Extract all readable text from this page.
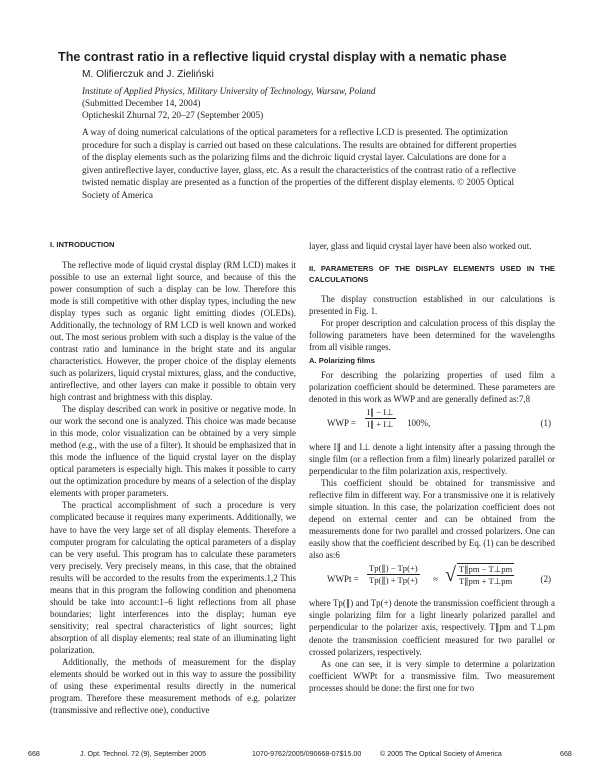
The contrast ratio in a reflective liquid crystal display with a nematic phase
M. Olifierczuk and J. Zieliński
Institute of Applied Physics, Military University of Technology, Warsaw, Poland
(Submitted December 14, 2004)
Opticheskiĭ Zhurnal 72, 20–27 (September 2005)
A way of doing numerical calculations of the optical parameters for a reflective LCD is presented. The optimization procedure for such a display is carried out based on these calculations. The results are obtained for different properties of the display elements such as the polarizing films and the dichroic liquid crystal layer. Calculations are done for a given antireflective layer, conductive layer, glass, etc. As a result the characteristics of the contrast ratio of a reflective twisted nematic display are presented as a function of the properties of the different display elements. © 2005 Optical Society of America

I. INTRODUCTION

The reflective mode of liquid crystal display (RM LCD) makes it possible to use an external light source, and because of this the power consumption of such a display can be low. Therefore this mode is still competitive with other display types, including the new display types such as organic light emitting diodes (OLEDs). Additionally, the technology of RM LCD is well known and worked out. The most serious problem with such a display is the value of the contrast ratio and luminance in the bright state and its angular characteristics. However, the proper choice of the display elements such as polarizers, liquid crystal mixtures, glass, and the conductive, antireflective, and other layers can make it possible to obtain very high contrast and brightness with this display.

The display described can work in positive or negative mode. In our work the second one is analyzed. This choice was made because in this mode, color visualization can be obtained by a very simple method (e.g., with the use of a filter). It should be emphasized that in this mode the influence of the liquid crystal layer on the display optical parameters is especially high. This makes it possible to carry out the optimization procedure by means of a selection of the display elements with proper parameters.

The practical accomplishment of such a procedure is very complicated because it requires many experiments. Additionally, we have to have the very large set of all display elements. Therefore a computer program for calculating the optical parameters of a display can be very useful. This program has to calculate these parameters very precisely. Very precisely means, in this case, that the obtained results will be accorded to the results from the experiments.1,2 This means that in this program the following condition and phenomena should be take into account:1–6 light reflections from all phase boundaries; light interferences into the display; human eye sensitivity; real spectral characteristics of light sources; light absorption of all display elements; real state of an illuminating light polarization.

Additionally, the methods of measurement for the display elements should be worked out in this way to assure the possibility of using these experimental results directly in the numerical program. Therefore these measurement methods of e.g. polarizer (transmissive and reflective one), conductive

layer, glass and liquid crystal layer have been also worked out.

II. PARAMETERS OF THE DISPLAY ELEMENTS USED IN THE CALCULATIONS

The display construction established in our calculations is presented in Fig. 1.

For proper description and calculation process of this display the following parameters have been determined for the wavelengths from all visible ranges.

A. Polarizing films

For describing the polarizing properties of used film a polarization coefficient should be determined. These parameters are denoted in this work as WWP and are generally defined as:7,8

WWP = $\frac{I\parallel - I\perp}{I\parallel + I\perp} 100\%$,	(1)

where I∥ and I⊥ denote a light intensity after a passing through the single film (or a reflection from a film) linearly polarized parallel or perpendicular to the film polarization axis, respectively.

This coefficient should be obtained for transmissive and reflective film in different way. For a transmissive one it is relatively simple situation. In this case, the polarization coefficient does not depend on external center and can be obtained from the measurements done for two parallel and crossed polarizers. One can easily show that the coefficient described by Eq. (1) can be described also as:6

WWPt = $\frac{Tp(\parallel) - Tp(+)}{Tp(\parallel) + Tp(+)}$ ≈ √ $\frac{T\parallel pm - T\perp pm}{T\parallel pm + T\perp pm}$	(2)

where Tp(∥) and Tp(+) denote the transmission coefficient through a single polarizing film for a light linearly polarized parallel and perpendicular to the polarizer axis, respectively. T∥pm and T⊥pm denote the transmission coefficient measured for two parallel or crossed polarizers, respectively.

As one can see, it is very simple to determine a polarization coefficient WWPt for a transmissive film. Two measurement processes should be done: the first one for two

668	J. Opt. Technol. 72 (9), September 2005	1070-9762/2005/090668-07$15.00	© 2005 The Optical Society of America	668
